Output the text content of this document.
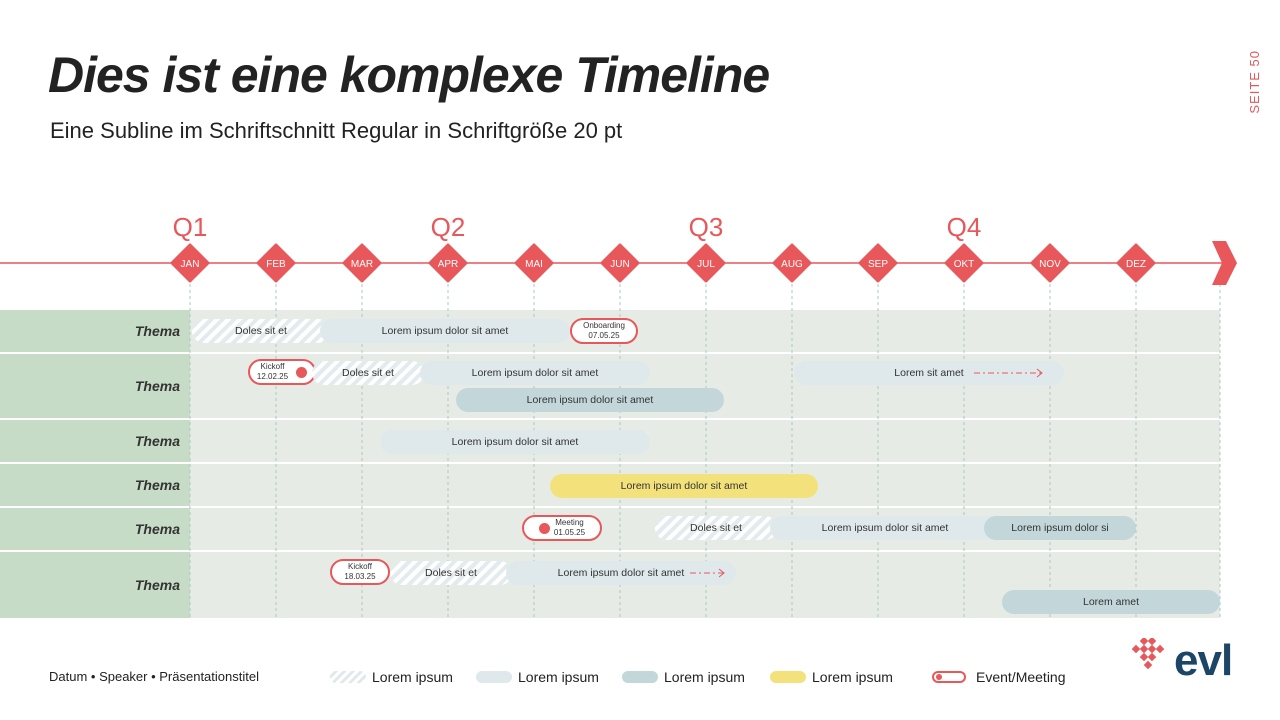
Dies ist eine komplexe Timeline
Eine Subline im Schriftschnitt Regular in Schriftgröße 20 pt
SEITE 50
JAN	FEB	MAR	APR	MAI	JUN	JUL	AUG	SEP	OKT	NOV	DEZ
Q1	Q2	Q3	Q4
Thema
Thema
Thema
Thema
Thema
Thema
Doles sit et	Lorem ipsum dolor sit amet	Onboarding
07.05.25
Kickoff
12.02.25	Doles sit et	Lorem ipsum dolor sit amet	Lorem sit amet
Lorem ipsum dolor sit amet
Lorem ipsum dolor sit amet
Lorem ipsum dolor sit amet
Meeting
01.05.25	Doles sit et	Lorem ipsum dolor sit amet	Lorem ipsum dolor si
Kickoff
18.03.25	Doles sit et	Lorem ipsum dolor sit amet
Lorem amet
Datum • Speaker • Präsentationstitel	Lorem ipsum	Lorem ipsum	Lorem ipsum	Lorem ipsum	Event/Meeting evl
